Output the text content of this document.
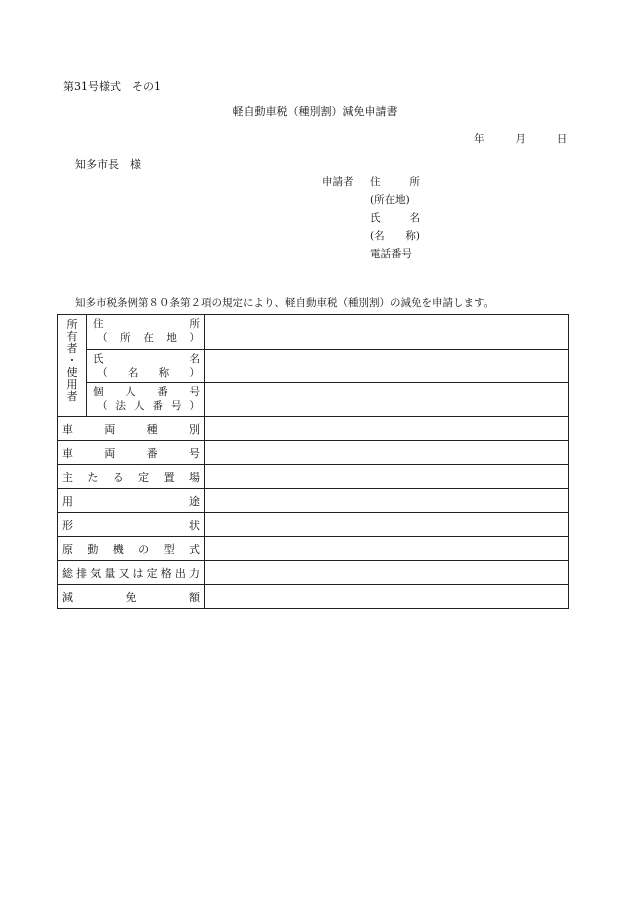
第31号様式　その1
軽自動車税（種別割）減免申請書
年	月	日
知多市長　様
申請者	住	所
(所在地)
氏	名
(名 称)
電話番号
知多市税条例第８０条第２項の規定により、軽自動車税（種別割）の減免を申請します。
所
有
者
・
使
用
者
住	所
（ 所 在 地 ）
氏	名
（ 名 称 ）
個 人 番 号
（ 法 人 番 号 ）
車	両	種	別
車	両	番	号
主 た る 定 置 場
用	途
形	状
原 動 機 の 型 式
総 排 気 量 又 は 定 格 出 力
減	免	額
